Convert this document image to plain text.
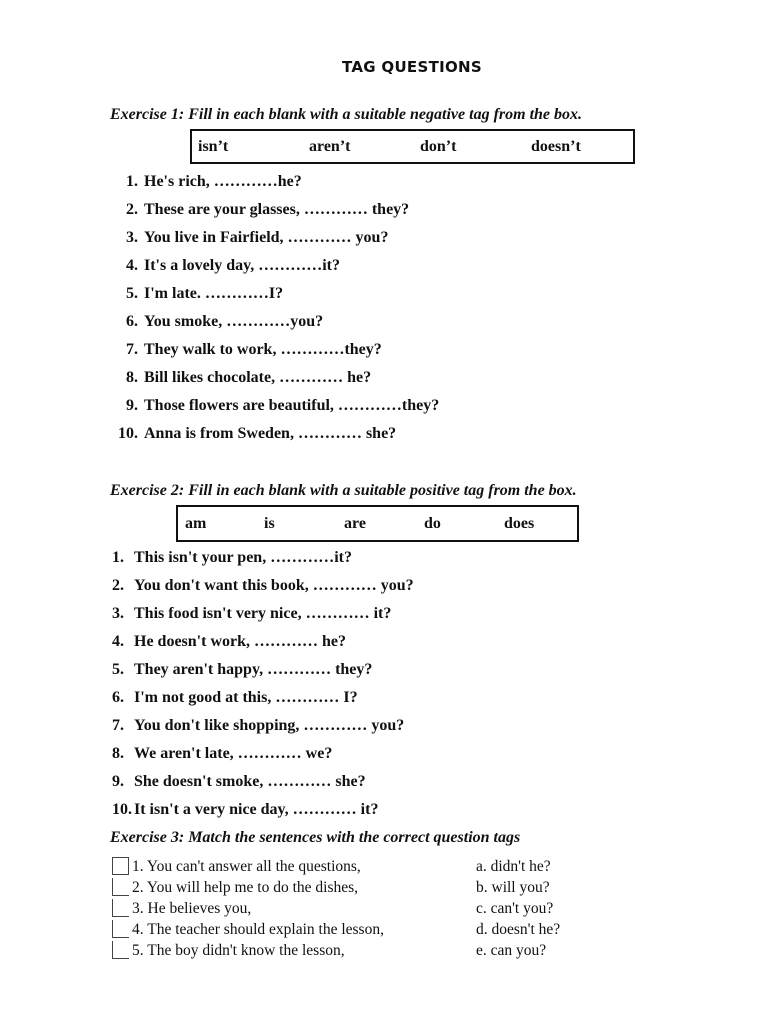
TAG QUESTIONS
Exercise 1: Fill in each blank with a suitable negative tag from the box.
isn’t	aren’t	don’t	doesn’t
1. He's rich, …………he?
2. These are your glasses, ………… they?
3. You live in Fairfield, ………… you?
4. It's a lovely day, …………it?
5. I'm late. …………I?
6. You smoke, …………you?
7. They walk to work, …………they?
8. Bill likes chocolate, ………… he?
9. Those flowers are beautiful, …………they?
10. Anna is from Sweden, ………… she?
Exercise 2: Fill in each blank with a suitable positive tag from the box.
am	is	are	do	does
1. This isn't your pen, …………it?
2. You don't want this book, ………… you?
3. This food isn't very nice, ………… it?
4. He doesn't work, ………… he?
5. They aren't happy, ………… they?
6. I'm not good at this, ………… I?
7. You don't like shopping, ………… you?
8. We aren't late, ………… we?
9. She doesn't smoke, ………… she?
10. It isn't a very nice day, ………… it?
Exercise 3: Match the sentences with the correct question tags
1. You can't answer all the questions,	a. didn't he?
2. You will help me to do the dishes,	b. will you?
3. He believes you,	c. can't you?
4. The teacher should explain the lesson,	d. doesn't he?
5. The boy didn't know the lesson,	e. can you?
